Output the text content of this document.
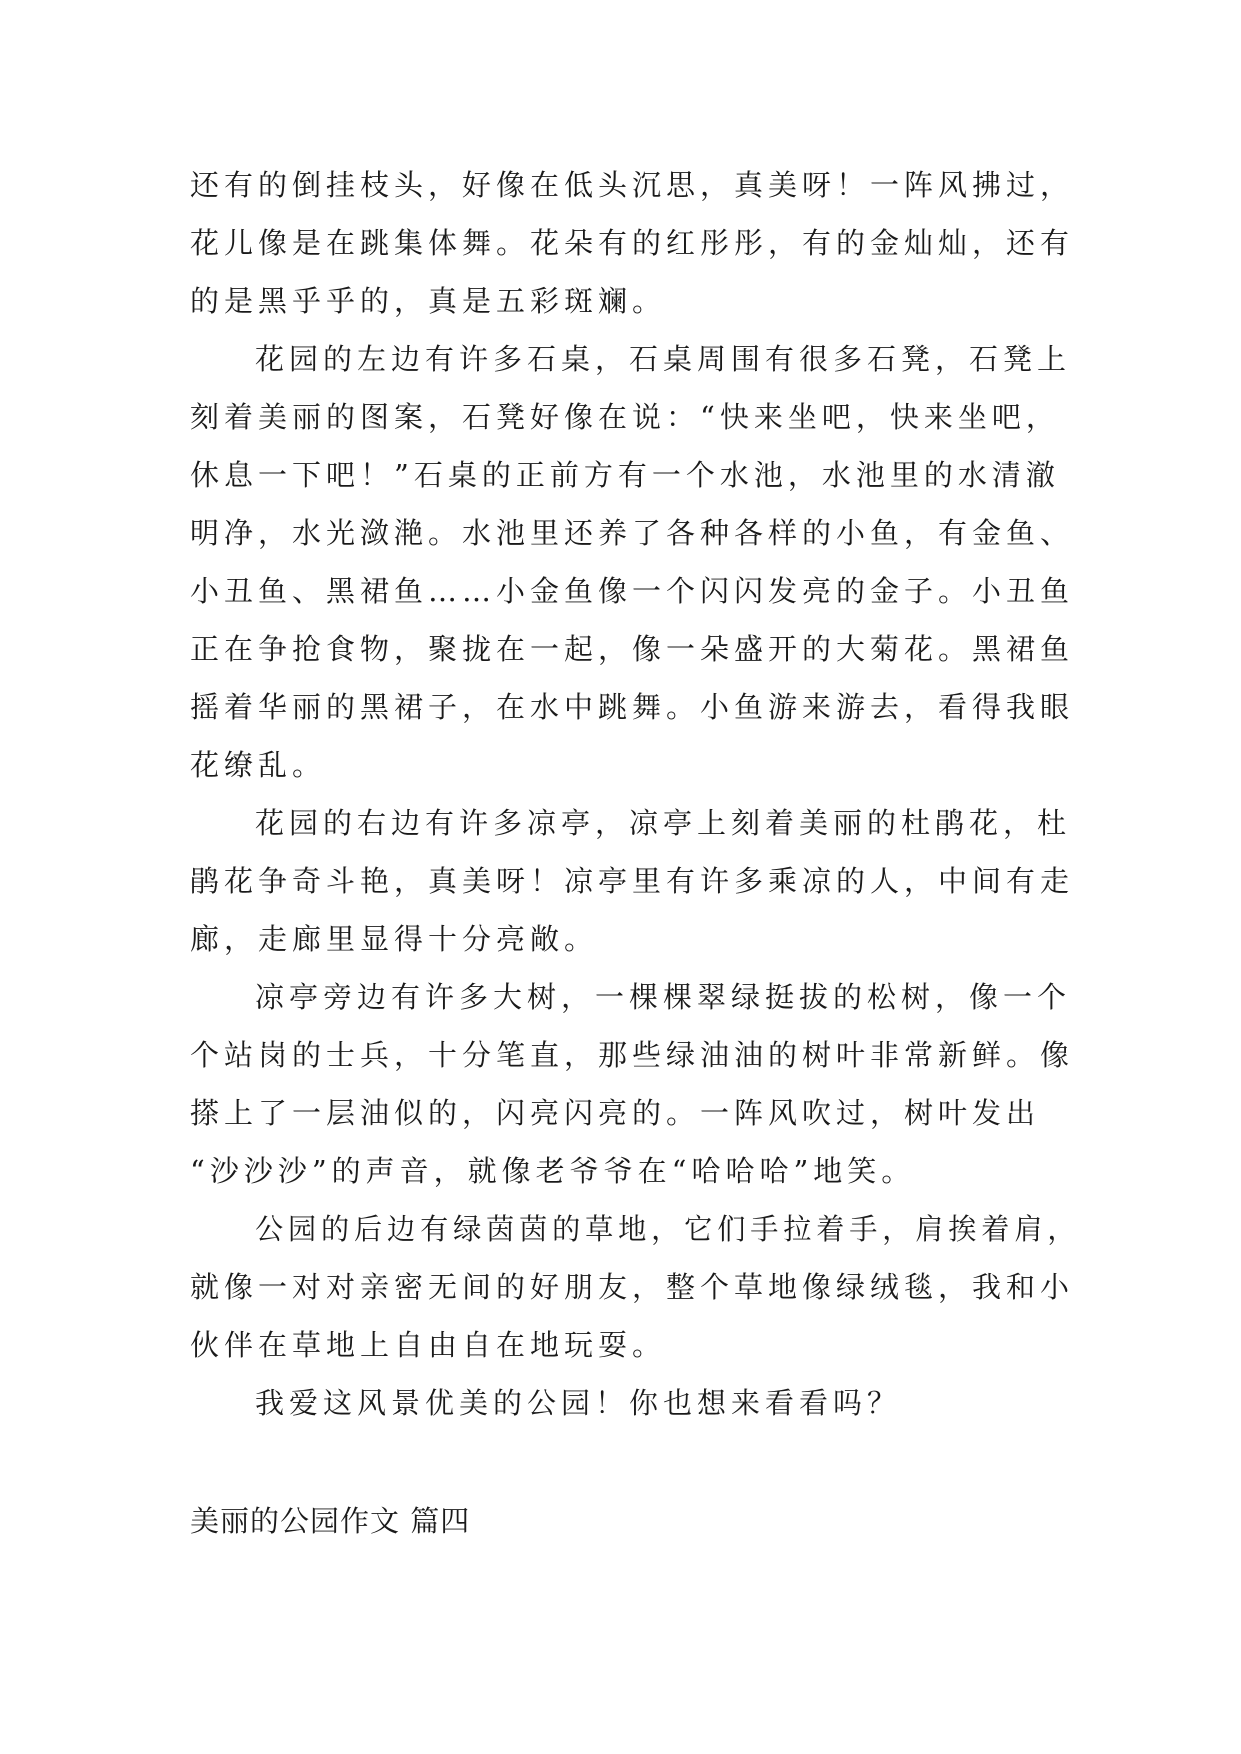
还有的倒挂枝头，好像在低头沉思，真美呀！一阵风拂过，
花儿像是在跳集体舞。花朵有的红彤彤，有的金灿灿，还有
的是黑乎乎的，真是五彩斑斓。
花园的左边有许多石桌，石桌周围有很多石凳，石凳上
刻着美丽的图案，石凳好像在说：“快来坐吧，快来坐吧，
休息一下吧！”石桌的正前方有一个水池，水池里的水清澈
明净，水光潋滟。水池里还养了各种各样的小鱼，有金鱼、
小丑鱼、黑裙鱼……小金鱼像一个闪闪发亮的金子。小丑鱼
正在争抢食物，聚拢在一起，像一朵盛开的大菊花。黑裙鱼
摇着华丽的黑裙子，在水中跳舞。小鱼游来游去，看得我眼
花缭乱。
花园的右边有许多凉亭，凉亭上刻着美丽的杜鹃花，杜
鹃花争奇斗艳，真美呀！凉亭里有许多乘凉的人，中间有走
廊，走廊里显得十分亮敞。
凉亭旁边有许多大树，一棵棵翠绿挺拔的松树，像一个
个站岗的士兵，十分笔直，那些绿油油的树叶非常新鲜。像
搽上了一层油似的，闪亮闪亮的。一阵风吹过，树叶发出
“沙沙沙”的声音，就像老爷爷在“哈哈哈”地笑。
公园的后边有绿茵茵的草地，它们手拉着手，肩挨着肩，
就像一对对亲密无间的好朋友，整个草地像绿绒毯，我和小
伙伴在草地上自由自在地玩耍。
我爱这风景优美的公园！你也想来看看吗？
美丽的公园作文 篇四
